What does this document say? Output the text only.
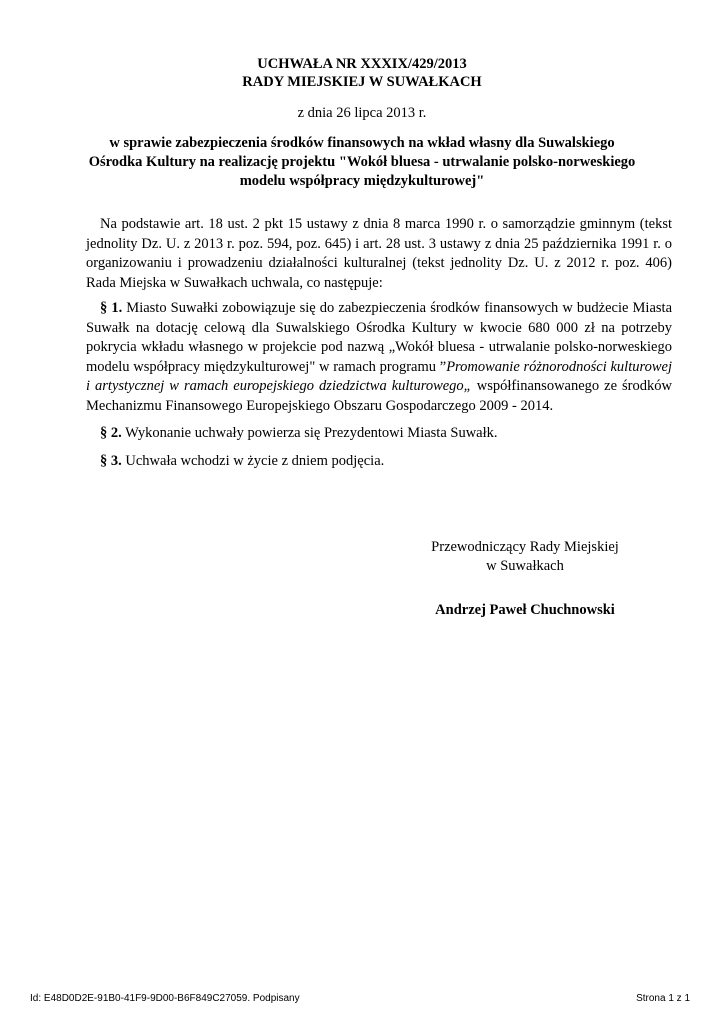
UCHWAŁA NR XXXIX/429/2013
RADY MIEJSKIEJ W SUWAŁKACH
z dnia 26 lipca 2013 r.
w sprawie zabezpieczenia środków finansowych na wkład własny dla Suwalskiego Ośrodka Kultury na realizację projektu "Wokół bluesa - utrwalanie polsko-norweskiego modelu współpracy międzykulturowej"

Na podstawie art. 18 ust. 2 pkt 15 ustawy z dnia 8 marca 1990 r. o samorządzie gminnym (tekst jednolity Dz. U. z 2013 r. poz. 594, poz. 645) i art. 28 ust. 3 ustawy z dnia 25 października 1991 r. o organizowaniu i prowadzeniu działalności kulturalnej (tekst jednolity Dz. U. z 2012 r. poz. 406) Rada Miejska w Suwałkach uchwala, co następuje:

§ 1. Miasto Suwałki zobowiązuje się do zabezpieczenia środków finansowych w budżecie Miasta Suwałk na dotację celową dla Suwalskiego Ośrodka Kultury w kwocie 680 000 zł na potrzeby pokrycia wkładu własnego w projekcie pod nazwą „Wokół bluesa - utrwalanie polsko-norweskiego modelu współpracy międzykulturowej" w ramach programu ”Promowanie różnorodności kulturowej i artystycznej w ramach europejskiego dziedzictwa kulturowego„ współfinansowanego ze środków Mechanizmu Finansowego Europejskiego Obszaru Gospodarczego 2009 - 2014.

§ 2. Wykonanie uchwały powierza się Prezydentowi Miasta Suwałk.

§ 3. Uchwała wchodzi w życie z dniem podjęcia.

Przewodniczący Rady Miejskiej
w Suwałkach
Andrzej Paweł Chuchnowski
Id: E48D0D2E-91B0-41F9-9D00-B6F849C27059. Podpisany	Strona 1 z 1
